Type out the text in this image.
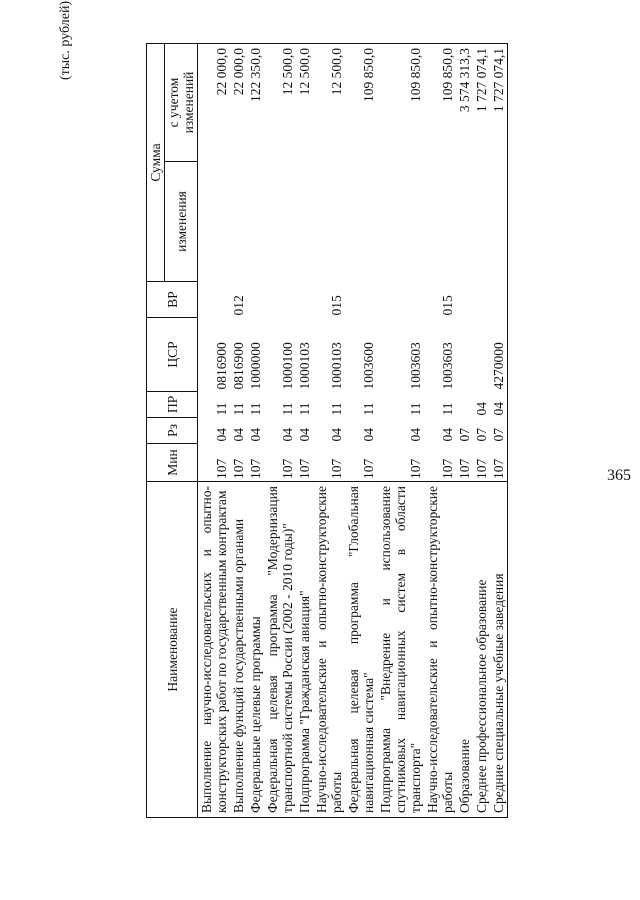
365
(тыс. рублей)
Наименование	Мин	Рз	ПР	ЦСР	ВР	Сумма	
						изменения	с учетом изменений
Выполнение научно-исследовательских и опытно-конструкторских работ по государственным контрактам	107	04	11	0816900			22 000,0
Выполнение функций государственными органами	107	04	11	0816900	012		22 000,0
Федеральные целевые программы	107	04	11	1000000			122 350,0
Федеральная целевая программа "Модернизация транспортной системы России (2002 - 2010 годы)"	107	04	11	1000100			12 500,0
Подпрограмма "Гражданская авиация"	107	04	11	1000103			12 500,0
Научно-исследовательские и опытно-конструкторские работы	107	04	11	1000103	015		12 500,0
Федеральная целевая программа "Глобальная навигационная система"	107	04	11	1003600			109 850,0
Подпрограмма "Внедрение и использование спутниковых навигационных систем в области транспорта"	107	04	11	1003603			109 850,0
Научно-исследовательские и опытно-конструкторские работы	107	04	11	1003603	015		109 850,0
Образование	107	07					3 574 313,3
Среднее профессиональное образование	107	07	04				1 727 074,1
Средние специальные учебные заведения	107	07	04	4270000			1 727 074,1
